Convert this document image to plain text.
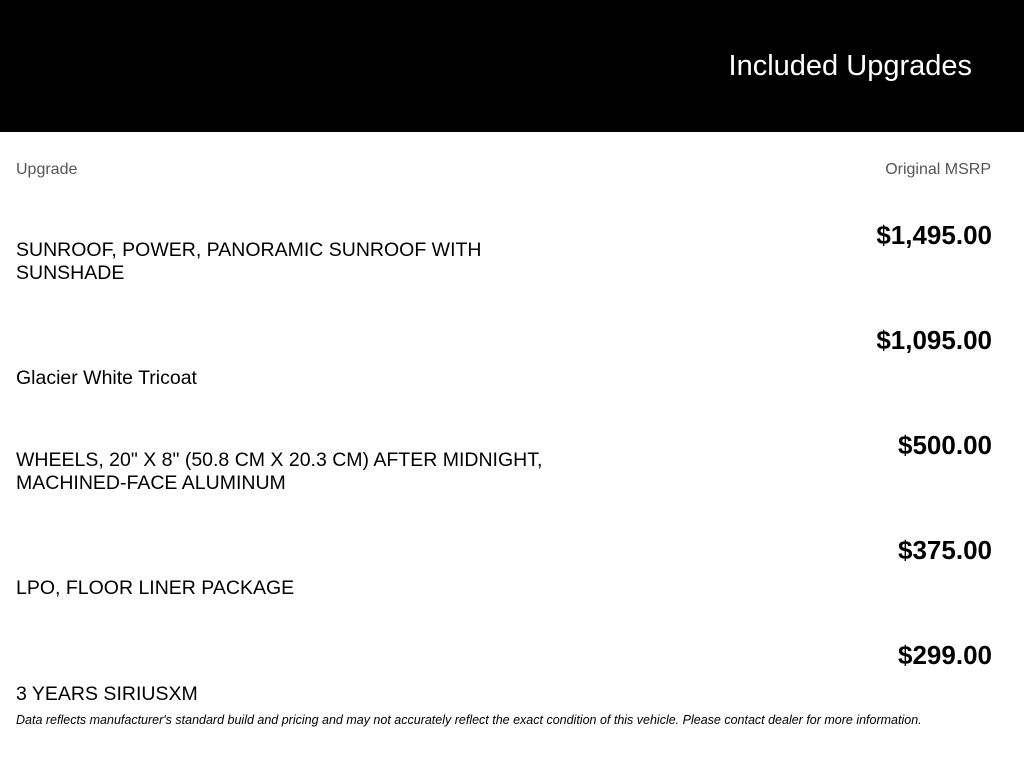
Included Upgrades
Upgrade	Original MSRP
SUNROOF, POWER, PANORAMIC SUNROOF WITH SUNSHADE
$1,495.00
Glacier White Tricoat
$1,095.00
WHEELS, 20" X 8" (50.8 CM X 20.3 CM) AFTER MIDNIGHT, MACHINED-FACE ALUMINUM
$500.00
LPO, FLOOR LINER PACKAGE
$375.00
3 YEARS SIRIUSXM
$299.00
Data reflects manufacturer's standard build and pricing and may not accurately reflect the exact condition of this vehicle. Please contact dealer for more information.
